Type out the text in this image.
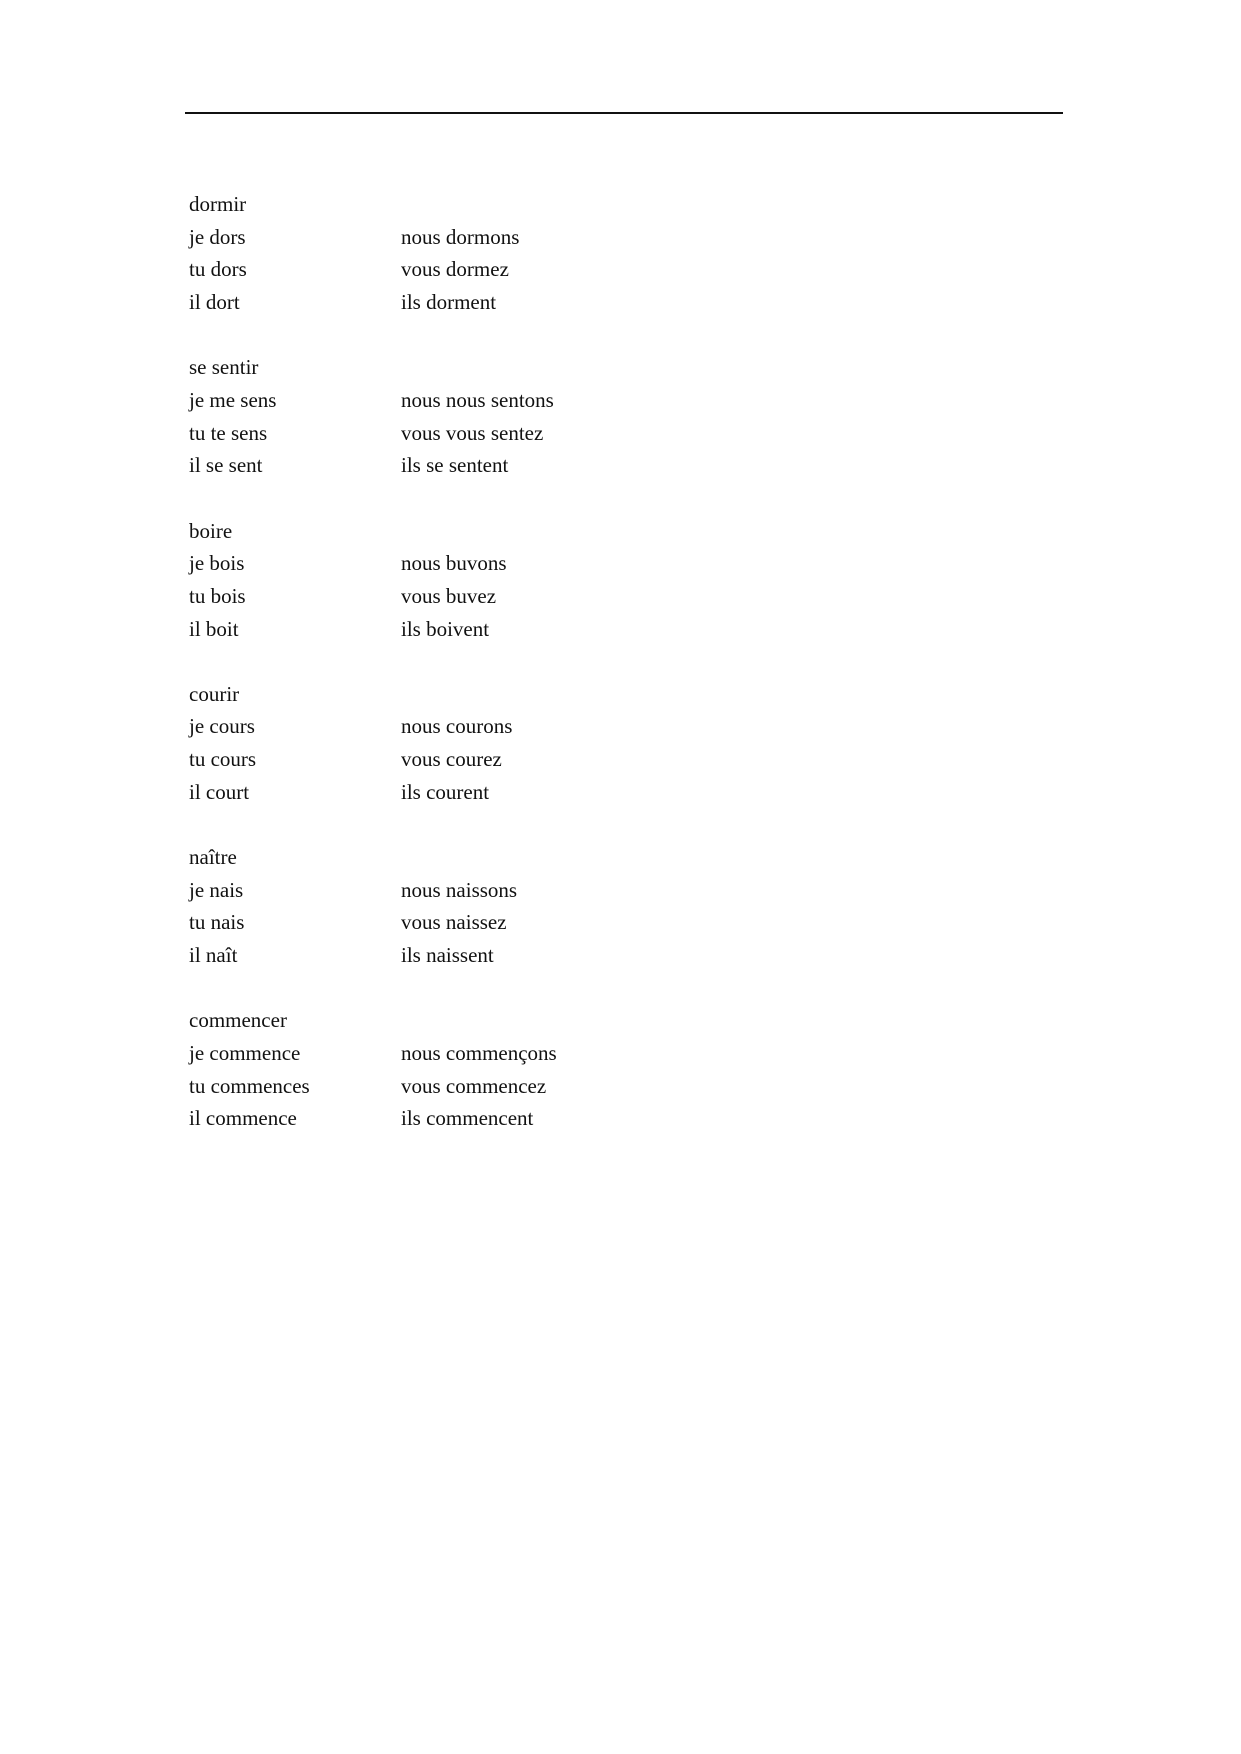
dormir
je dors	nous dormons
tu dors	vous dormez
il dort	ils dorment
se sentir
je me sens	nous nous sentons
tu te sens	vous vous sentez
il se sent	ils se sentent
boire
je bois	nous buvons
tu bois	vous buvez
il boit	ils boivent
courir
je cours	nous courons
tu cours	vous courez
il court	ils courent
naître
je nais	nous naissons
tu nais	vous naissez
il naît	ils naissent
commencer
je commence	nous commençons
tu commences	vous commencez
il commence	ils commencent
